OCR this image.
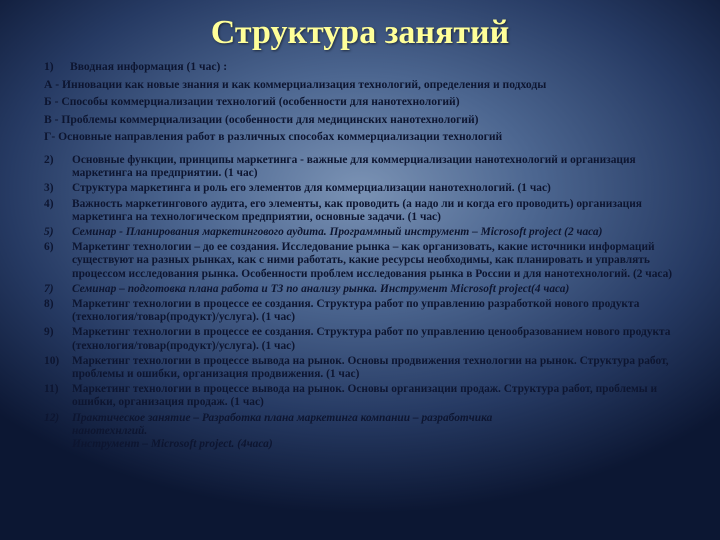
Структура занятий
1) Вводная информация (1 час) :
А - Инновации как новые знания и как коммерциализация технологий, определения и подходы
Б - Способы коммерциализации технологий (особенности для нанотехнологий)
В - Проблемы коммерциализации (особенности для медицинских нанотехнологий)
Г- Основные направления работ в различных способах коммерциализации технологий
2) Основные функции, принципы маркетинга - важные для коммерциализации нанотехнологий и организация маркетинга на предприятии. (1 час)
3) Структура маркетинга и роль его элементов для коммерциализации нанотехнологий. (1 час)
4) Важность маркетингового аудита, его элементы, как проводить (а надо ли и когда его проводить) организация маркетинга на технологическом предприятии, основные задачи. (1 час)
5) Семинар - Планирования маркетингового аудита. Программный инструмент – Microsoft project (2 часа)
6) Маркетинг технологии – до ее создания. Исследование рынка – как организовать, какие источники информаций существуют на разных рынках, как с ними работать, какие ресурсы необходимы, как планировать и управлять процессом исследования рынка. Особенности проблем исследования рынка в России и для нанотехнологий. (2 часа)
7) Семинар – подготовка плана работа и ТЗ по анализу рынка. Инструмент Microsoft project(4 часа)
8) Маркетинг технологии в процессе ее создания. Структура работ по управлению разработкой нового продукта (технология/товар(продукт)/услуга). (1 час)
9) Маркетинг технологии в процессе ее создания. Структура работ по управлению ценообразованием нового продукта (технология/товар(продукт)/услуга). (1 час)
10) Маркетинг технологии в процессе вывода на рынок. Основы продвижения технологии на рынок. Структура работ, проблемы и ошибки, организация продвижения. (1 час)
11) Маркетинг технологии в процессе вывода на рынок. Основы организации продаж. Структура работ, проблемы и ошибки, организация продаж. (1 час)
12) Практическое занятие – Разработка плана маркетинга компании – разработчика
нанотехнлгий.
Инструмент – Microsoft project. (4часа)
